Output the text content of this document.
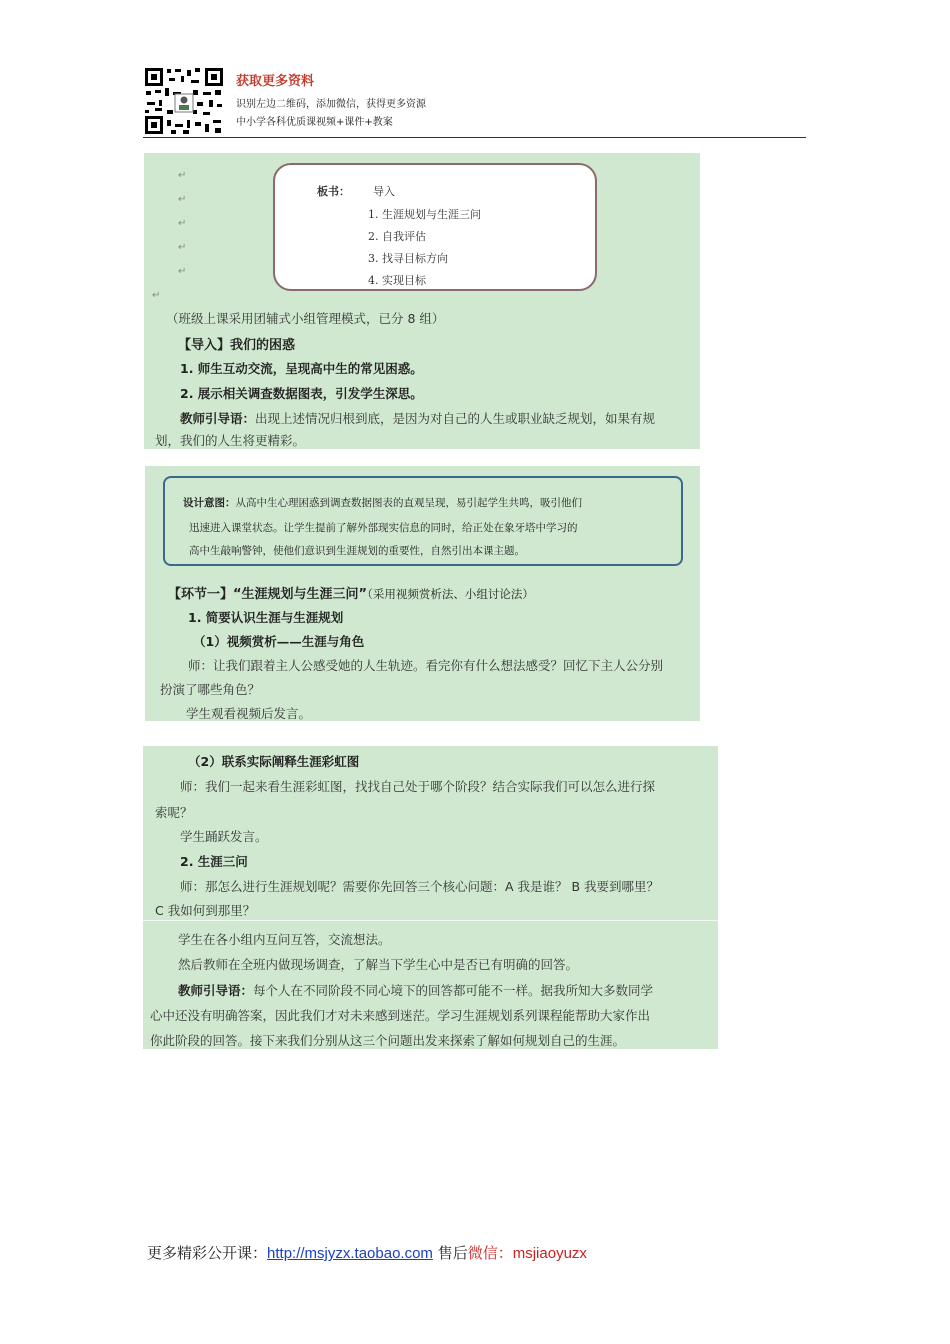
获取更多资料
识别左边二维码，添加微信，获得更多资源
中小学各科优质课视频+课件+教案
↵
↵
↵
↵
↵
↵
板书： 导入
1. 生涯规划与生涯三问
2. 自我评估
3. 找寻目标方向
4. 实现目标
（班级上课采用团辅式小组管理模式，已分 8 组）
【导入】我们的困惑
1. 师生互动交流，呈现高中生的常见困惑。
2. 展示相关调查数据图表，引发学生深思。
教师引导语：出现上述情况归根到底，是因为对自己的人生或职业缺乏规划，如果有规
划，我们的人生将更精彩。
设计意图：从高中生心理困惑到调查数据图表的直观呈现，易引起学生共鸣，吸引他们
迅速进入课堂状态。让学生提前了解外部现实信息的同时，给正处在象牙塔中学习的
高中生敲响警钟，使他们意识到生涯规划的重要性，自然引出本课主题。
【环节一】“生涯规划与生涯三问”（采用视频赏析法、小组讨论法）
1. 简要认识生涯与生涯规划
（1）视频赏析——生涯与角色
师：让我们跟着主人公感受她的人生轨迹。看完你有什么想法感受？回忆下主人公分别
扮演了哪些角色？
学生观看视频后发言。
（2）联系实际阐释生涯彩虹图
师：我们一起来看生涯彩虹图，找找自己处于哪个阶段？结合实际我们可以怎么进行探
索呢？
学生踊跃发言。
2. 生涯三问
师：那怎么进行生涯规划呢？需要你先回答三个核心问题：A 我是谁？ B 我要到哪里？
C 我如何到那里？
学生在各小组内互问互答，交流想法。
然后教师在全班内做现场调查，了解当下学生心中是否已有明确的回答。
教师引导语：每个人在不同阶段不同心境下的回答都可能不一样。据我所知大多数同学
心中还没有明确答案，因此我们才对未来感到迷茫。学习生涯规划系列课程能帮助大家作出
你此阶段的回答。接下来我们分别从这三个问题出发来探索了解如何规划自己的生涯。
更多精彩公开课：http://msjyzx.taobao.com 售后微信：msjiaoyuzx
